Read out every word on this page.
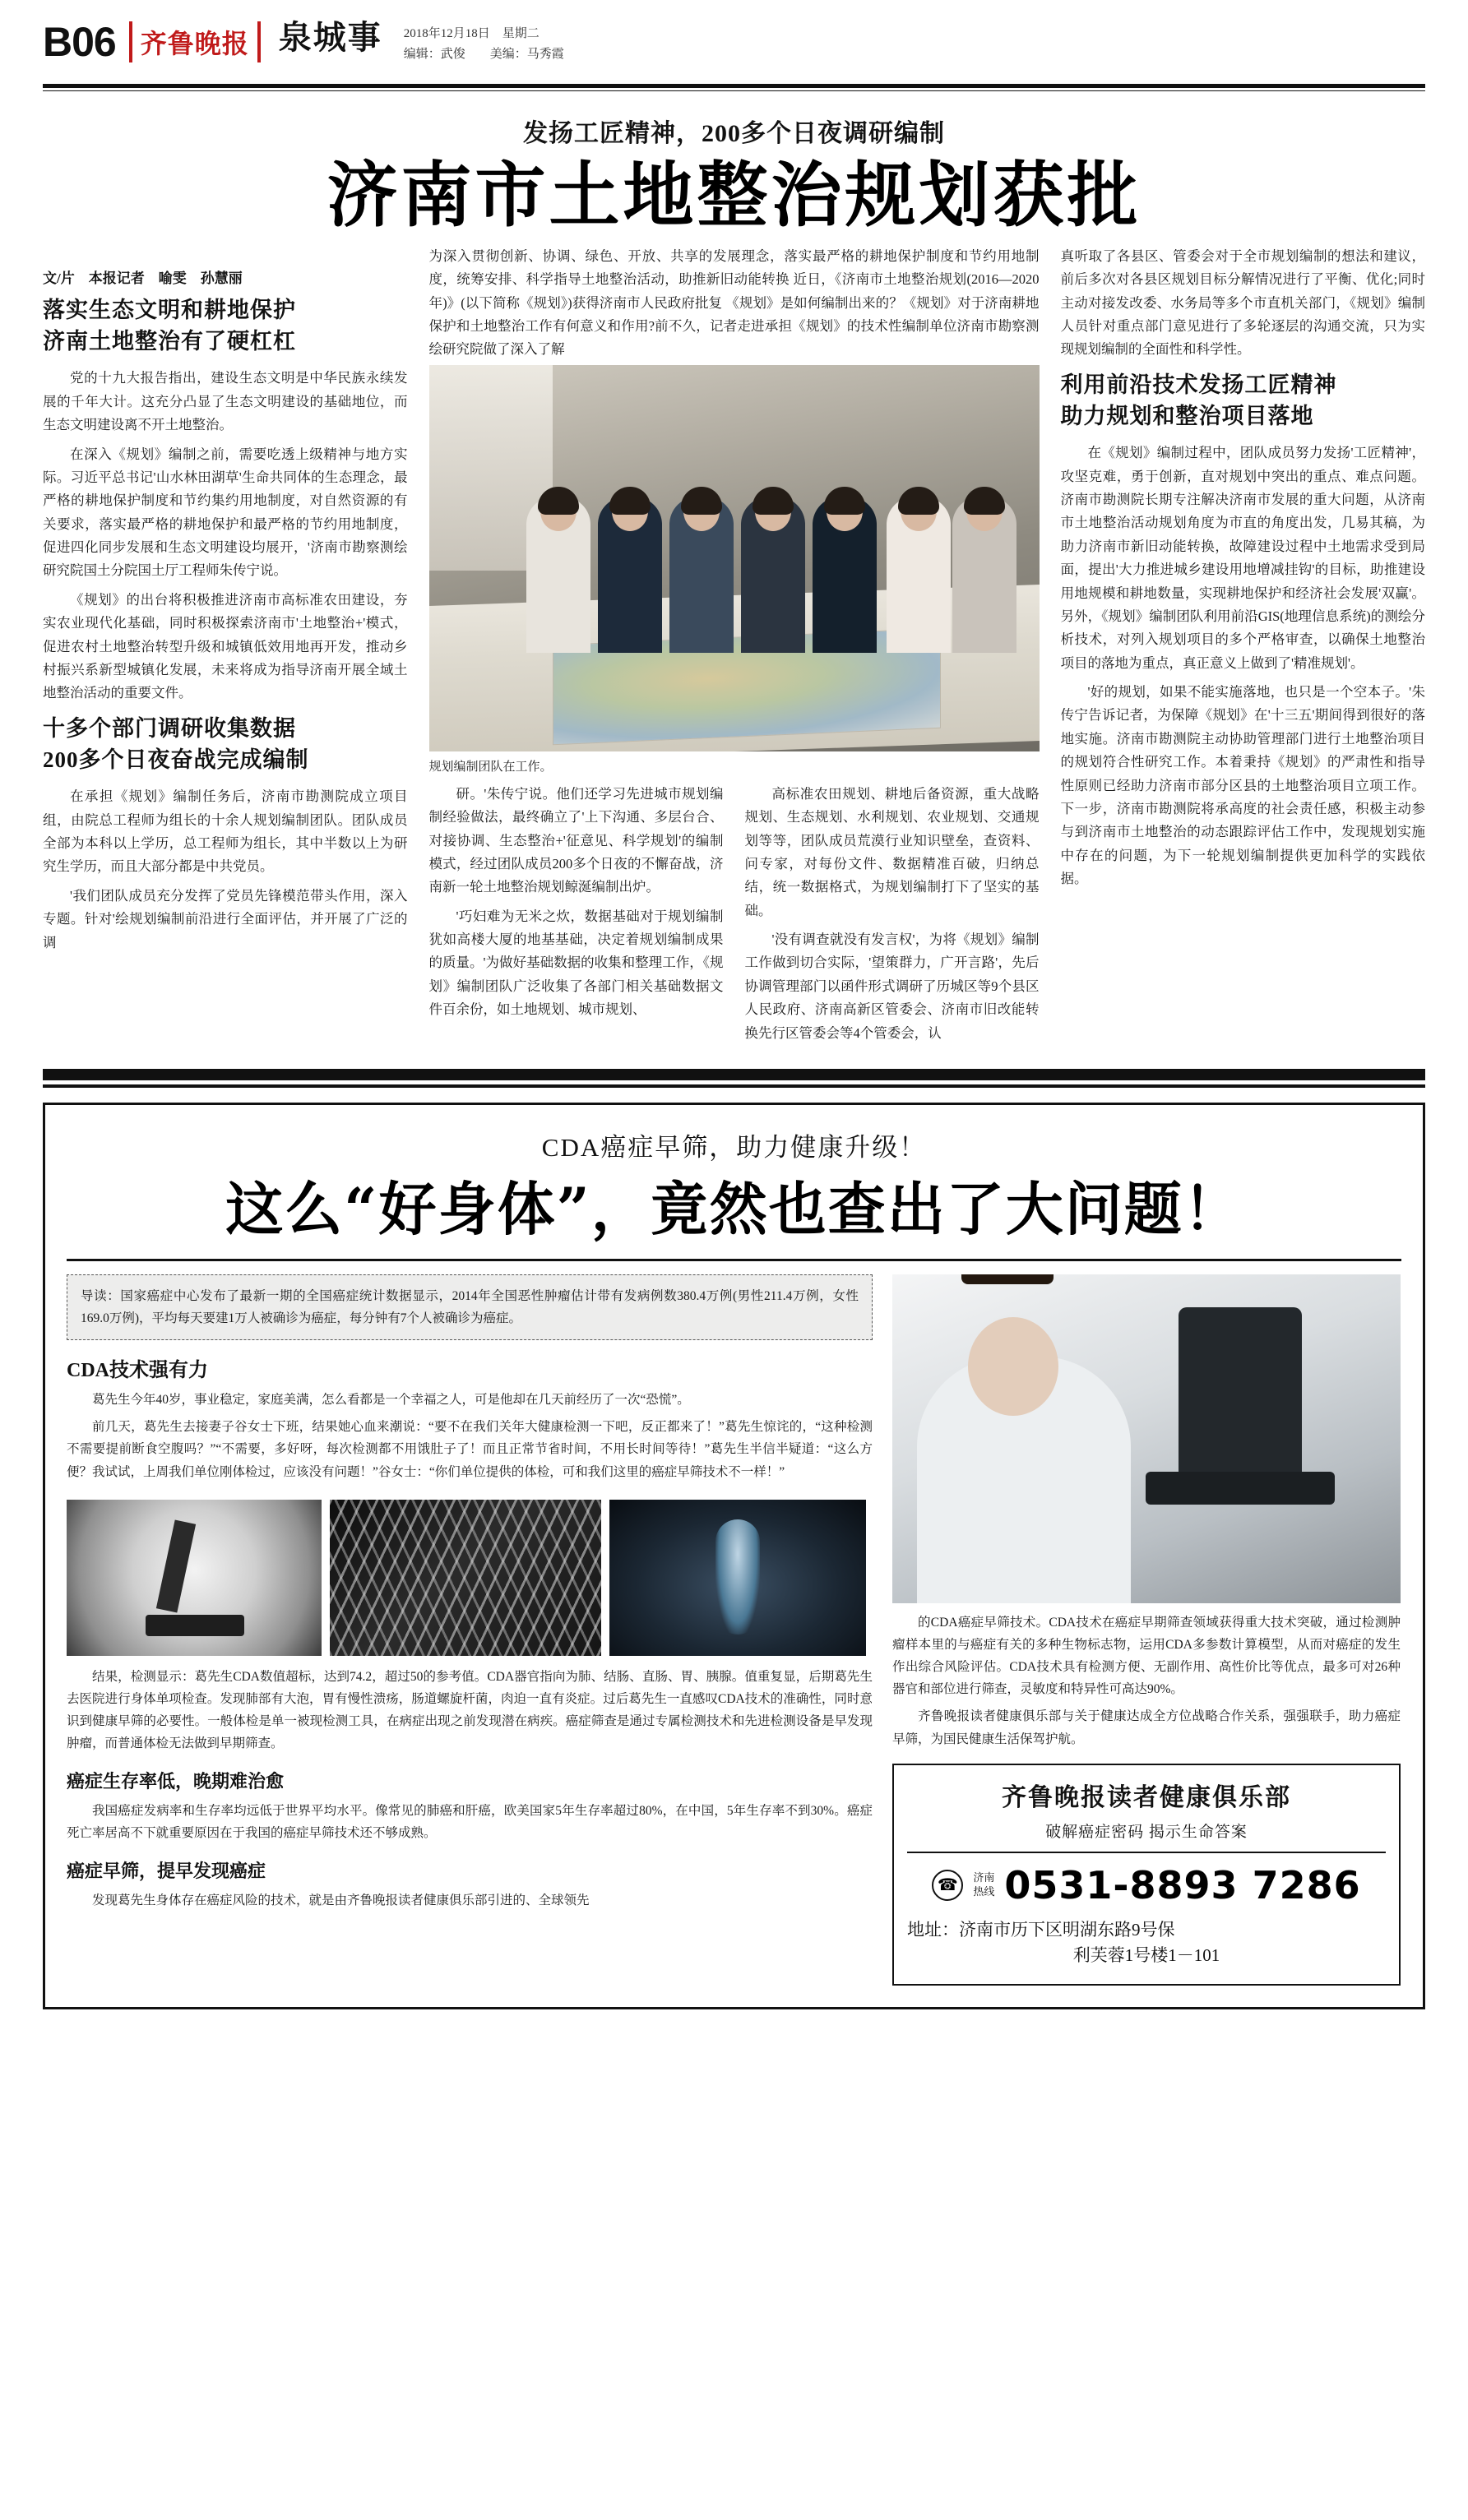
B06 齐鲁晚报 泉城事 2018年12月18日　星期二
编辑：武俊　　美编：马秀霞
发扬工匠精神，200多个日夜调研编制
济南市土地整治规划获批
文/片　本报记者　喻雯　孙慧丽
落实生态文明和耕地保护
济南土地整治有了硬杠杠

党的十九大报告指出，建设生态文明是中华民族永续发展的千年大计。这充分凸显了生态文明建设的基础地位，而生态文明建设离不开土地整治。

在深入《规划》编制之前，需要吃透上级精神与地方实际。习近平总书记'山水林田湖草'生命共同体的生态理念，最严格的耕地保护制度和节约集约用地制度，对自然资源的有关要求，落实最严格的耕地保护和最严格的节约用地制度，促进四化同步发展和生态文明建设均展开，'济南市勘察测绘研究院国土分院国土厅工程师朱传宁说。

《规划》的出台将积极推进济南市高标准农田建设，夯实农业现代化基础，同时积极探索济南市'土地整治+'模式，促进农村土地整治转型升级和城镇低效用地再开发，推动乡村振兴系新型城镇化发展，未来将成为指导济南开展全域土地整治活动的重要文件。

十多个部门调研收集数据
200多个日夜奋战完成编制

在承担《规划》编制任务后，济南市勘测院成立项目组，由院总工程师为组长的十余人规划编制团队。团队成员全部为本科以上学历，总工程师为组长，其中半数以上为研究生学历，而且大部分都是中共党员。

'我们团队成员充分发挥了党员先锋模范带头作用，深入专题。针对'绘规划编制前沿进行全面评估，并开展了广泛的调

为深入贯彻创新、协调、绿色、开放、共享的发展理念，落实最严格的耕地保护制度和节约用地制度，统筹安排、科学指导土地整治活动，助推新旧动能转换 近日，《济南市土地整治规划(2016—2020年)》(以下简称《规划》)获得济南市人民政府批复 《规划》是如何编制出来的？《规划》对于济南耕地保护和土地整治工作有何意义和作用?前不久，记者走进承担《规划》的技术性编制单位济南市勘察测绘研究院做了深入了解

规划编制团队在工作。

研。'朱传宁说。他们还学习先进城市规划编制经验做法，最终确立了'上下沟通、多层台合、对接协调、生态整治+'征意见、科学规划'的编制模式，经过团队成员200多个日夜的不懈奋战，济南新一轮土地整治规划鲸涎编制出炉。

'巧妇难为无米之炊，数据基础对于规划编制犹如高楼大厦的地基基础，决定着规划编制成果的质量。'为做好基础数据的收集和整理工作，《规划》编制团队广泛收集了各部门相关基础数据文件百余份，如土地规划、城市规划、

高标准农田规划、耕地后备资源，重大战略规划、生态规划、水利规划、农业规划、交通规划等等，团队成员荒漠行业知识壁垒，查资料、问专家，对每份文件、数据精准百破，归纳总结，统一数据格式，为规划编制打下了坚实的基础。

'没有调查就没有发言权'，为将《规划》编制工作做到切合实际，'望策群力，广开言路'，先后协调管理部门以函件形式调研了历城区等9个县区人民政府、济南高新区管委会、济南市旧改能转换先行区管委会等4个管委会，认

真听取了各县区、管委会对于全市规划编制的想法和建议，前后多次对各县区规划目标分解情况进行了平衡、优化;同时主动对接发改委、水务局等多个市直机关部门，《规划》编制人员针对重点部门意见进行了多轮逐层的沟通交流，只为实现规划编制的全面性和科学性。

利用前沿技术发扬工匠精神
助力规划和整治项目落地

在《规划》编制过程中，团队成员努力发扬'工匠精神'，攻坚克难，勇于创新，直对规划中突出的重点、难点问题。济南市勘测院长期专注解决济南市发展的重大问题，从济南市土地整治活动规划角度为市直的角度出发，几易其稿，为助力济南市新旧动能转换，故障建设过程中土地需求受到局面，提出'大力推进城乡建设用地增减挂钩'的目标，助推建设用地规模和耕地数量，实现耕地保护和经济社会发展'双赢'。另外，《规划》编制团队利用前沿GIS(地理信息系统)的测绘分析技术，对列入规划项目的多个严格审查，以确保土地整治项目的落地为重点，真正意义上做到了'精准规划'。

'好的规划，如果不能实施落地，也只是一个空本子。'朱传宁告诉记者，为保障《规划》在'十三五'期间得到很好的落地实施。济南市勘测院主动协助管理部门进行土地整治项目的规划符合性研究工作。本着秉持《规划》的严肃性和指导性原则已经助力济南市部分区县的土地整治项目立项工作。下一步，济南市勘测院将承高度的社会责任感，积极主动参与到济南市土地整治的动态跟踪评估工作中，发现规划实施中存在的问题，为下一轮规划编制提供更加科学的实践依据。

CDA癌症早筛，助力健康升级！
这么“好身体”，竟然也查出了大问题！
导读：国家癌症中心发布了最新一期的全国癌症统计数据显示，2014年全国恶性肿瘤估计带有发病例数380.4万例(男性211.4万例，女性169.0万例)，平均每天要建1万人被确诊为癌症，每分钟有7个人被确诊为癌症。
CDA技术强有力

葛先生今年40岁，事业稳定，家庭美满，怎么看都是一个幸福之人，可是他却在几天前经历了一次“恐慌”。

前几天，葛先生去接妻子谷女士下班，结果她心血来潮说：“要不在我们关年大健康检测一下吧，反正都来了！”葛先生惊诧的，“这种检测不需要提前断食空腹吗？”“不需要，多好呀，每次检测都不用饿肚子了！而且正常节省时间，不用长时间等待！”葛先生半信半疑道：“这么方便？我试试，上周我们单位刚体检过，应该没有问题！”谷女士：“你们单位提供的体检，可和我们这里的癌症早筛技术不一样！”

结果，检测显示：葛先生CDA数值超标，达到74.2，超过50的参考值。CDA器官指向为肺、结肠、直肠、胃、胰腺。值重复显，后期葛先生去医院进行身体单项检查。发现肺部有大泡，胃有慢性溃疡，肠道螺旋杆菌，肉迫一直有炎症。过后葛先生一直感叹CDA技术的准确性，同时意识到健康早筛的必要性。一般体检是单一被现检测工具，在病症出现之前发现潜在病疾。癌症筛查是通过专属检测技术和先进检测设备是早发现肿瘤，而普通体检无法做到早期筛查。

癌症生存率低，晚期难治愈

我国癌症发病率和生存率均远低于世界平均水平。像常见的肺癌和肝癌，欧美国家5年生存率超过80%，在中国，5年生存率不到30%。癌症死亡率居高不下就重要原因在于我国的癌症早筛技术还不够成熟。

癌症早筛，提早发现癌症

发现葛先生身体存在癌症风险的技术，就是由齐鲁晚报读者健康俱乐部引进的、全球领先

的CDA癌症早筛技术。CDA技术在癌症早期筛查领域获得重大技术突破，通过检测肿瘤样本里的与癌症有关的多种生物标志物，运用CDA多参数计算模型，从而对癌症的发生作出综合风险评估。CDA技术具有检测方便、无副作用、高性价比等优点，最多可对26种器官和部位进行筛查，灵敏度和特异性可高达90%。

齐鲁晚报读者健康俱乐部与关于健康达成全方位战略合作关系，强强联手，助力癌症早筛，为国民健康生活保驾护航。

齐鲁晚报读者健康俱乐部
破解癌症密码 揭示生命答案
☎	济南
热线 0531-8893 7286
地址：济南市历下区明湖东路9号保
利芙蓉1号楼1－101
